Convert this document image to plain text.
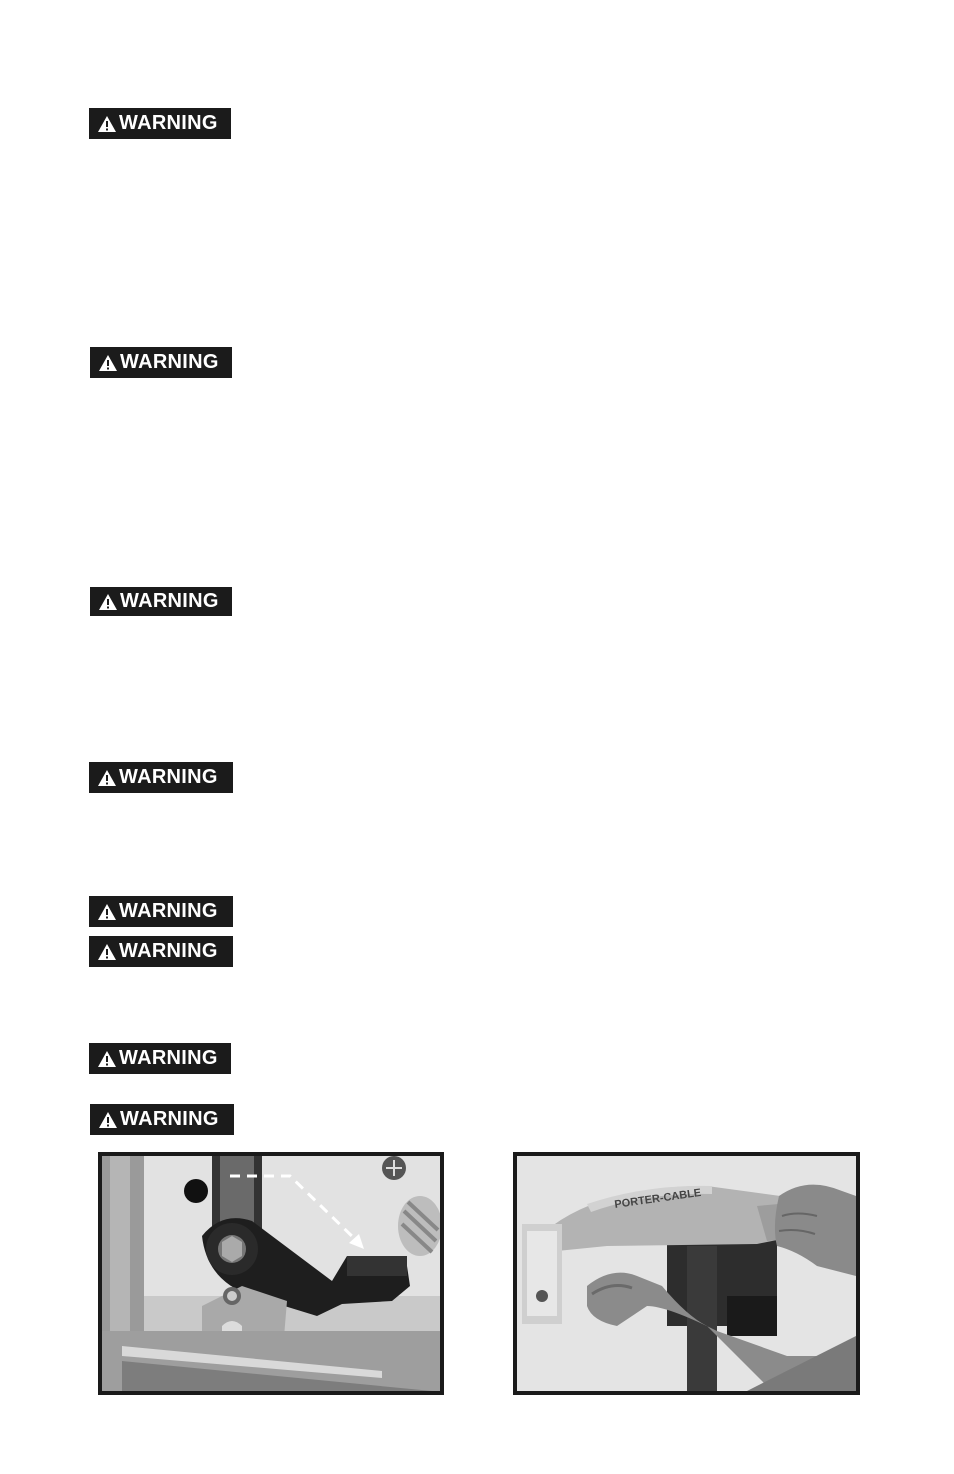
WARNING
WARNING
WARNING
WARNING
WARNING
WARNING
WARNING
WARNING
PORTER-CABLE
